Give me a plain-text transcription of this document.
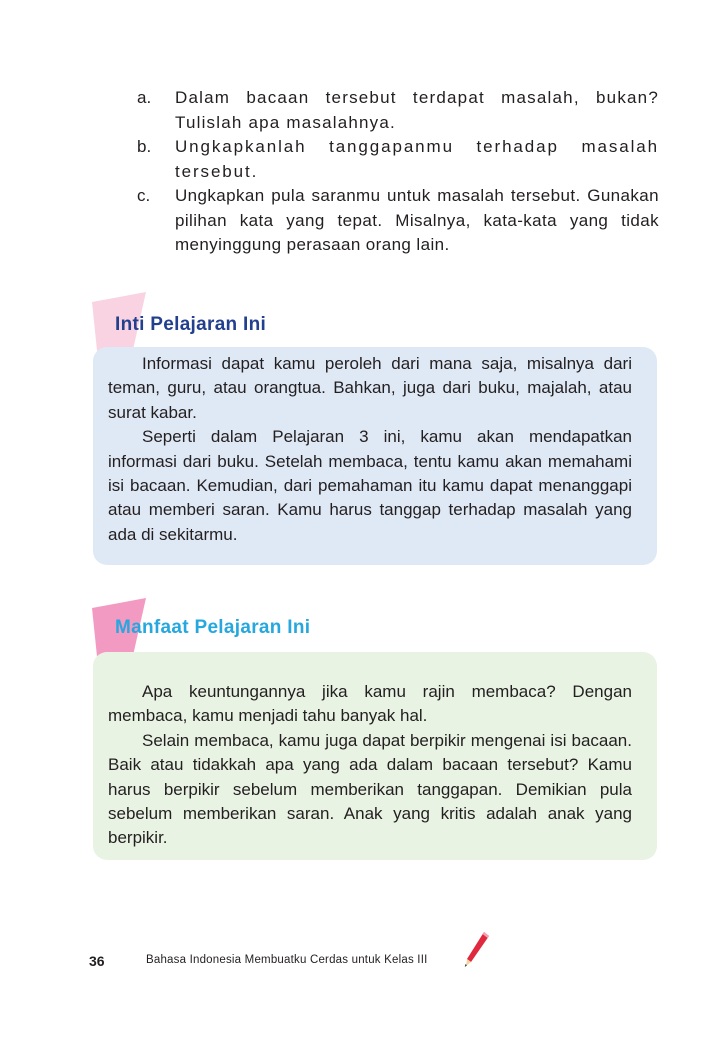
a. Dalam bacaan tersebut terdapat masalah, bukan? Tulislah apa masalahnya.
b. Ungkapkanlah tanggapanmu terhadap masalah tersebut.
c. Ungkapkan pula saranmu untuk masalah tersebut. Gunakan pilihan kata yang tepat. Misalnya, kata-kata yang tidak menyinggung perasaan orang lain.
Inti Pelajaran Ini

Informasi dapat kamu peroleh dari mana saja, misalnya dari teman, guru, atau orangtua. Bahkan, juga dari buku, majalah, atau surat kabar.

Seperti dalam Pelajaran 3 ini, kamu akan mendapatkan informasi dari buku. Setelah membaca, tentu kamu akan memahami isi bacaan. Kemudian, dari pemahaman itu kamu dapat menanggapi atau memberi saran. Kamu harus tanggap terhadap masalah yang ada di sekitarmu.

Manfaat Pelajaran Ini

Apa keuntungannya jika kamu rajin membaca? Dengan membaca, kamu menjadi tahu banyak hal.

Selain membaca, kamu juga dapat berpikir mengenai isi bacaan. Baik atau tidakkah apa yang ada dalam bacaan tersebut? Kamu harus berpikir sebelum memberikan tanggapan. Demikian pula sebelum memberikan saran. Anak yang kritis adalah anak yang berpikir.

36	Bahasa Indonesia Membuatku Cerdas untuk Kelas III
